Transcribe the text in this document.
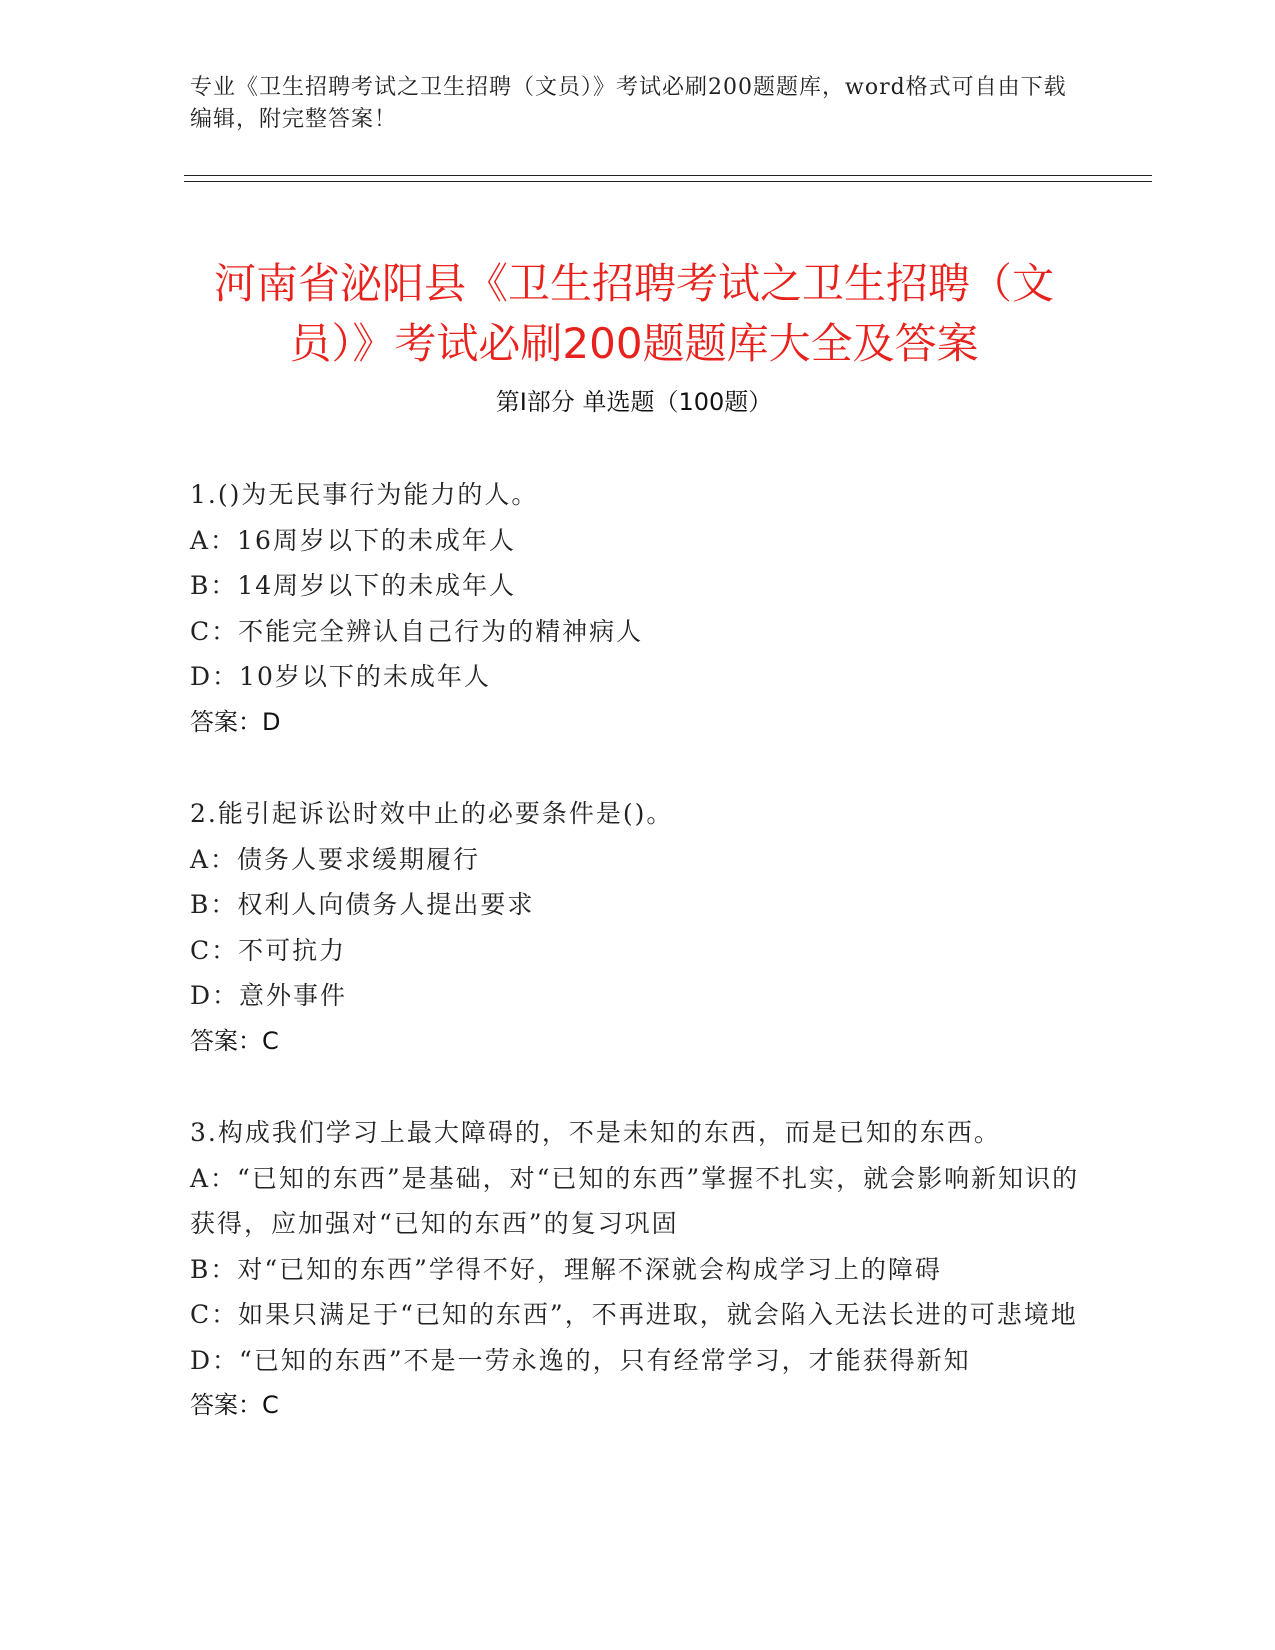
专业《卫生招聘考试之卫生招聘（文员）》考试必刷200题题库，word格式可自由下载编辑，附完整答案！
河南省泌阳县《卫生招聘考试之卫生招聘（文员）》考试必刷200题题库大全及答案
第Ⅰ部分 单选题（100题）
1.()为无民事行为能力的人。
A：16周岁以下的未成年人
B：14周岁以下的未成年人
C：不能完全辨认自己行为的精神病人
D：10岁以下的未成年人
答案：D
2.能引起诉讼时效中止的必要条件是()。
A：债务人要求缓期履行
B：权利人向债务人提出要求
C：不可抗力
D：意外事件
答案：C
3.构成我们学习上最大障碍的，不是未知的东西，而是已知的东西。
A：“已知的东西”是基础，对“已知的东西”掌握不扎实，就会影响新知识的获得，应加强对“已知的东西”的复习巩固
B：对“已知的东西”学得不好，理解不深就会构成学习上的障碍
C：如果只满足于“已知的东西”，不再进取，就会陷入无法长进的可悲境地
D：“已知的东西”不是一劳永逸的，只有经常学习，才能获得新知
答案：C
